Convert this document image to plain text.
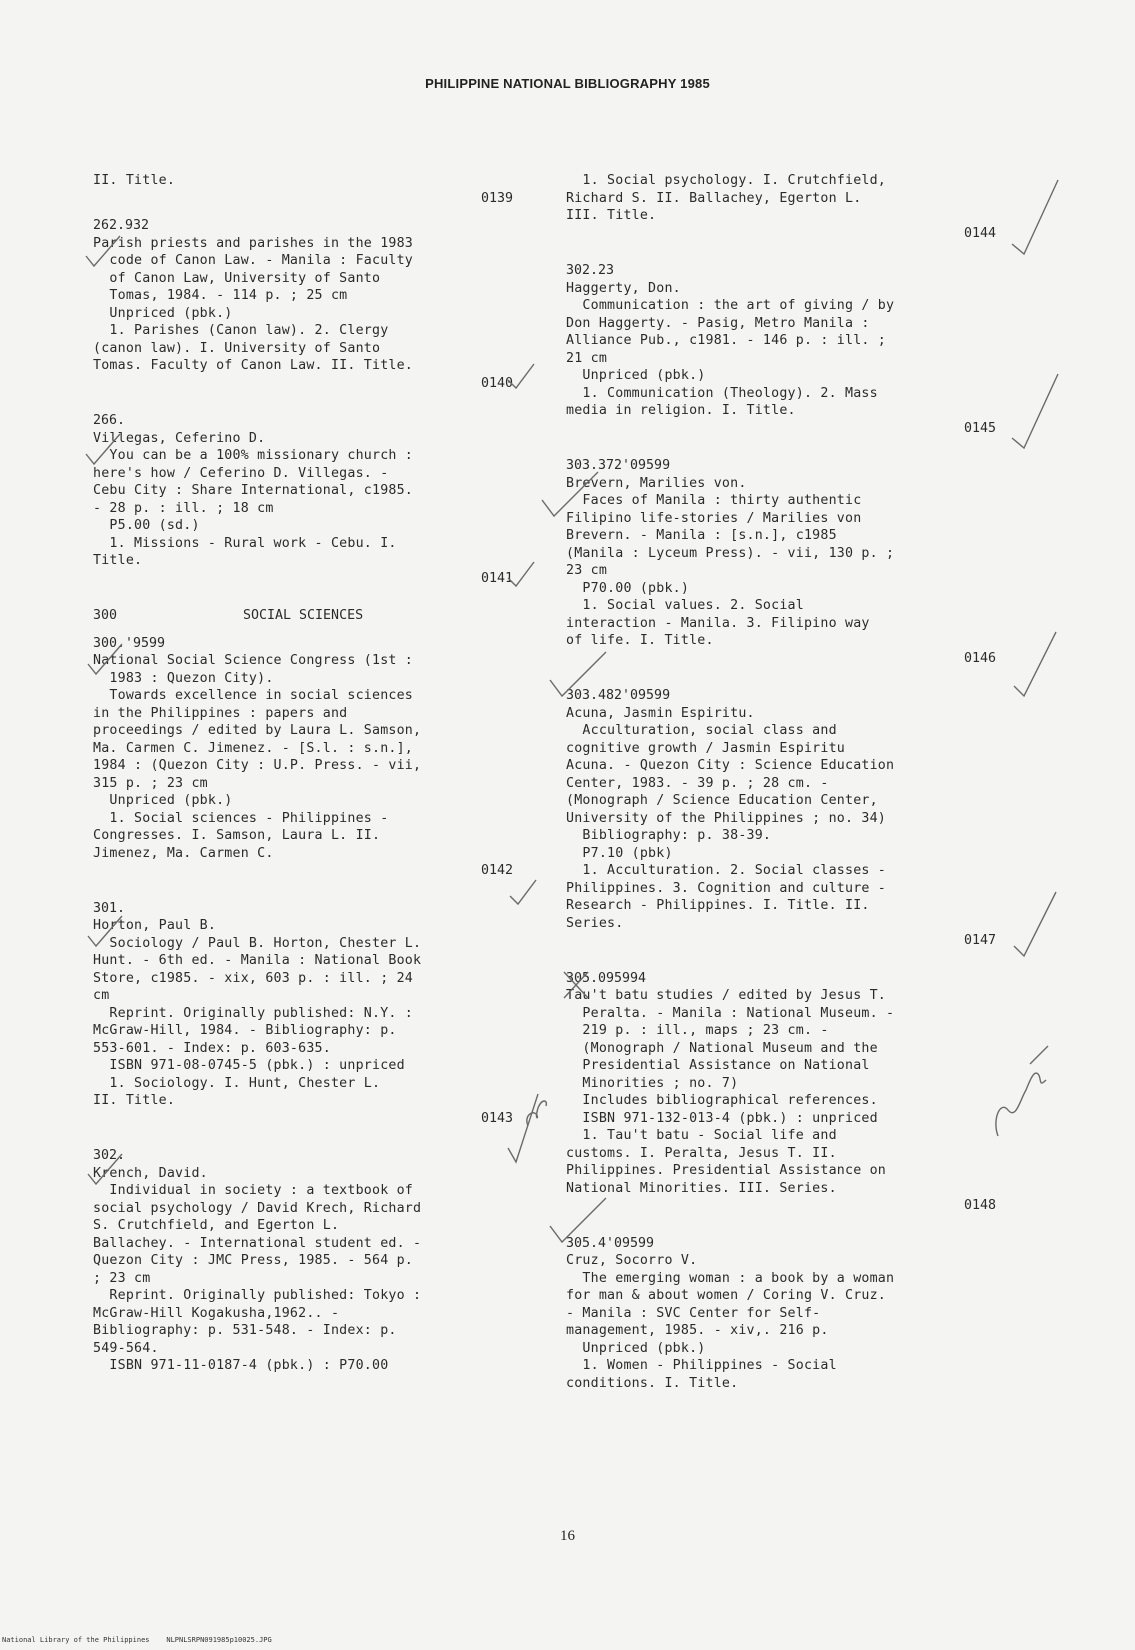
PHILIPPINE NATIONAL BIBLIOGRAPHY 1985
II. Title.
0139
262.932
Parish priests and parishes in the 1983
code of Canon Law. - Manila : Faculty
of Canon Law, University of Santo
Tomas, 1984. - 114 p. ; 25 cm
Unpriced (pbk.)
1. Parishes (Canon law). 2. Clergy
(canon law). I. University of Santo
Tomas. Faculty of Canon Law. II. Title.
0140
266.
Villegas, Ceferino D.
You can be a 100% missionary church :
here's how / Ceferino D. Villegas. -
Cebu City : Share International, c1985.
- 28 p. : ill. ; 18 cm
P5.00 (sd.)
1. Missions - Rural work - Cebu. I.
Title.
0141
300	SOCIAL SCIENCES
300.'9599
National Social Science Congress (1st :
1983 : Quezon City).
Towards excellence in social sciences
in the Philippines : papers and
proceedings / edited by Laura L. Samson,
Ma. Carmen C. Jimenez. - [S.l. : s.n.],
1984 : (Quezon City : U.P. Press. - vii,
315 p. ; 23 cm
Unpriced (pbk.)
1. Social sciences - Philippines -
Congresses. I. Samson, Laura L. II.
Jimenez, Ma. Carmen C.
0142
301.
Horton, Paul B.
Sociology / Paul B. Horton, Chester L.
Hunt. - 6th ed. - Manila : National Book
Store, c1985. - xix, 603 p. : ill. ; 24
cm
Reprint. Originally published: N.Y. :
McGraw-Hill, 1984. - Bibliography: p.
553-601. - Index: p. 603-635.
ISBN 971-08-0745-5 (pbk.) : unpriced
1. Sociology. I. Hunt, Chester L.
II. Title.
0143
302.
Krench, David.
Individual in society : a textbook of
social psychology / David Krech, Richard
S. Crutchfield, and Egerton L.
Ballachey. - International student ed. -
Quezon City : JMC Press, 1985. - 564 p.
; 23 cm
Reprint. Originally published: Tokyo :
McGraw-Hill Kogakusha,1962.. -
Bibliography: p. 531-548. - Index: p.
549-564.
ISBN 971-11-0187-4 (pbk.) : P70.00
1. Social psychology. I. Crutchfield,
Richard S. II. Ballachey, Egerton L.
III. Title.
0144
302.23
Haggerty, Don.
Communication : the art of giving / by
Don Haggerty. - Pasig, Metro Manila :
Alliance Pub., c1981. - 146 p. : ill. ;
21 cm
Unpriced (pbk.)
1. Communication (Theology). 2. Mass
media in religion. I. Title.
0145
303.372'09599
Brevern, Marilies von.
Faces of Manila : thirty authentic
Filipino life-stories / Marilies von
Brevern. - Manila : [s.n.], c1985
(Manila : Lyceum Press). - vii, 130 p. ;
23 cm
P70.00 (pbk.)
1. Social values. 2. Social
interaction - Manila. 3. Filipino way
of life. I. Title.
0146
303.482'09599
Acuna, Jasmin Espiritu.
Acculturation, social class and
cognitive growth / Jasmin Espiritu
Acuna. - Quezon City : Science Education
Center, 1983. - 39 p. ; 28 cm. -
(Monograph / Science Education Center,
University of the Philippines ; no. 34)
Bibliography: p. 38-39.
P7.10 (pbk)
1. Acculturation. 2. Social classes -
Philippines. 3. Cognition and culture -
Research - Philippines. I. Title. II.
Series.
0147
305.095994
Tau't batu studies / edited by Jesus T.
Peralta. - Manila : National Museum. -
219 p. : ill., maps ; 23 cm. -
(Monograph / National Museum and the
Presidential Assistance on National
Minorities ; no. 7)
Includes bibliographical references.
ISBN 971-132-013-4 (pbk.) : unpriced
1. Tau't batu - Social life and
customs. I. Peralta, Jesus T. II.
Philippines. Presidential Assistance on
National Minorities. III. Series.
0148
305.4'09599
Cruz, Socorro V.
The emerging woman : a book by a woman
for man & about women / Coring V. Cruz.
- Manila : SVC Center for Self-
management, 1985. - xiv,. 216 p.
Unpriced (pbk.)
1. Women - Philippines - Social
conditions. I. Title.
16
National Library of the Philippines    NLPNLSRPN091985p10025.JPG
